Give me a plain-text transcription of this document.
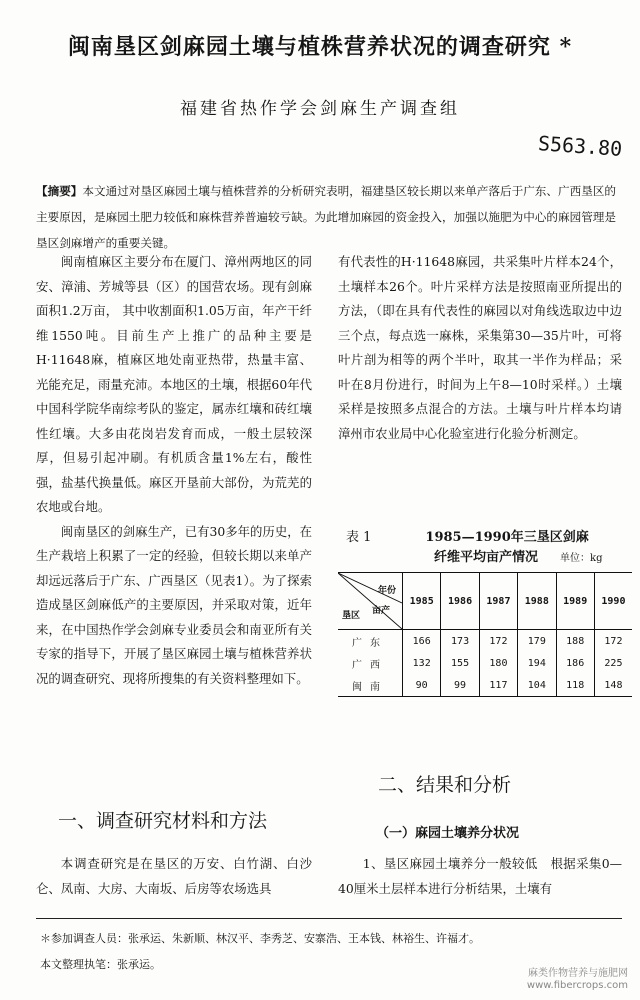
闽南垦区剑麻园土壤与植株营养状况的调查研究 *
福建省热作学会剑麻生产调查组
S563.80
【摘要】本文通过对垦区麻园土壤与植株营养的分析研究表明，福建垦区较长期以来单产落后于广东、广西垦区的主要原因，是麻园土肥力较低和麻株营养普遍较亏缺。为此增加麻园的资金投入，加强以施肥为中心的麻园管理是垦区剑麻增产的重要关键。

闽南植麻区主要分布在厦门、漳州两地区的同安、漳浦、芳城等县（区）的国营农场。现有剑麻面积1.2万亩， 其中收割面积1.05万亩，年产干纤维1550吨。目前生产上推广的品种主要是H·11648麻，植麻区地处南亚热带，热量丰富、光能充足，雨量充沛。本地区的土壤，根据60年代中国科学院华南综考队的鉴定，属赤红壤和砖红壤性红壤。大多由花岗岩发育而成，一般土层较深厚，但易引起冲刷。有机质含量1%左右，酸性强，盐基代换量低。麻区开垦前大部份，为荒芜的农地或台地。

闽南垦区的剑麻生产，已有30多年的历史，在生产栽培上积累了一定的经验，但较长期以来单产却远远落后于广东、广西垦区（见表1）。为了探索造成垦区剑麻低产的主要原因，并采取对策，近年来，在中国热作学会剑麻专业委员会和南亚所有关专家的指导下，开展了垦区麻园土壤与植株营养状况的调查研究、现将所搜集的有关资料整理如下。

有代表性的H·11648麻园，共采集叶片样本24个，土壤样本26个。叶片采样方法是按照南亚所提出的方法，（即在具有代表性的麻园以对角线选取边中边三个点，每点选一麻株，采集第30—35片叶，可将叶片剖为相等的两个半叶，取其一半作为样品；采叶在8月份进行，时间为上午8—10时采样。）土壤采样是按照多点混合的方法。土壤与叶片样本均请漳州市农业局中心化验室进行化验分析测定。

表 1	1985—1990年三垦区剑麻
纤维平均亩产情况 单位：kg
年份
亩产
垦区	1985	1986	1987	1988	1989	1990
广东	166	173	172	179	188	172
广西	132	155	180	194	186	225
闽南	90	99	117	104	118	148
二、结果和分析
（一）麻园土壤养分状况
一、调查研究材料和方法

本调查研究是在垦区的万安、白竹湖、白沙仑、凤南、大房、大南坂、后房等农场选具

1、垦区麻园土壤养分一般较低　根据采集0—40厘米土层样本进行分析结果，土壤有

＊参加调查人员：张承运、朱新顺、林汉平、李秀芝、安寨浩、王本钱、林裕生、许福才。
本文整理执笔：张承运。
麻类作物营养与施肥网
www.fibercrops.com
